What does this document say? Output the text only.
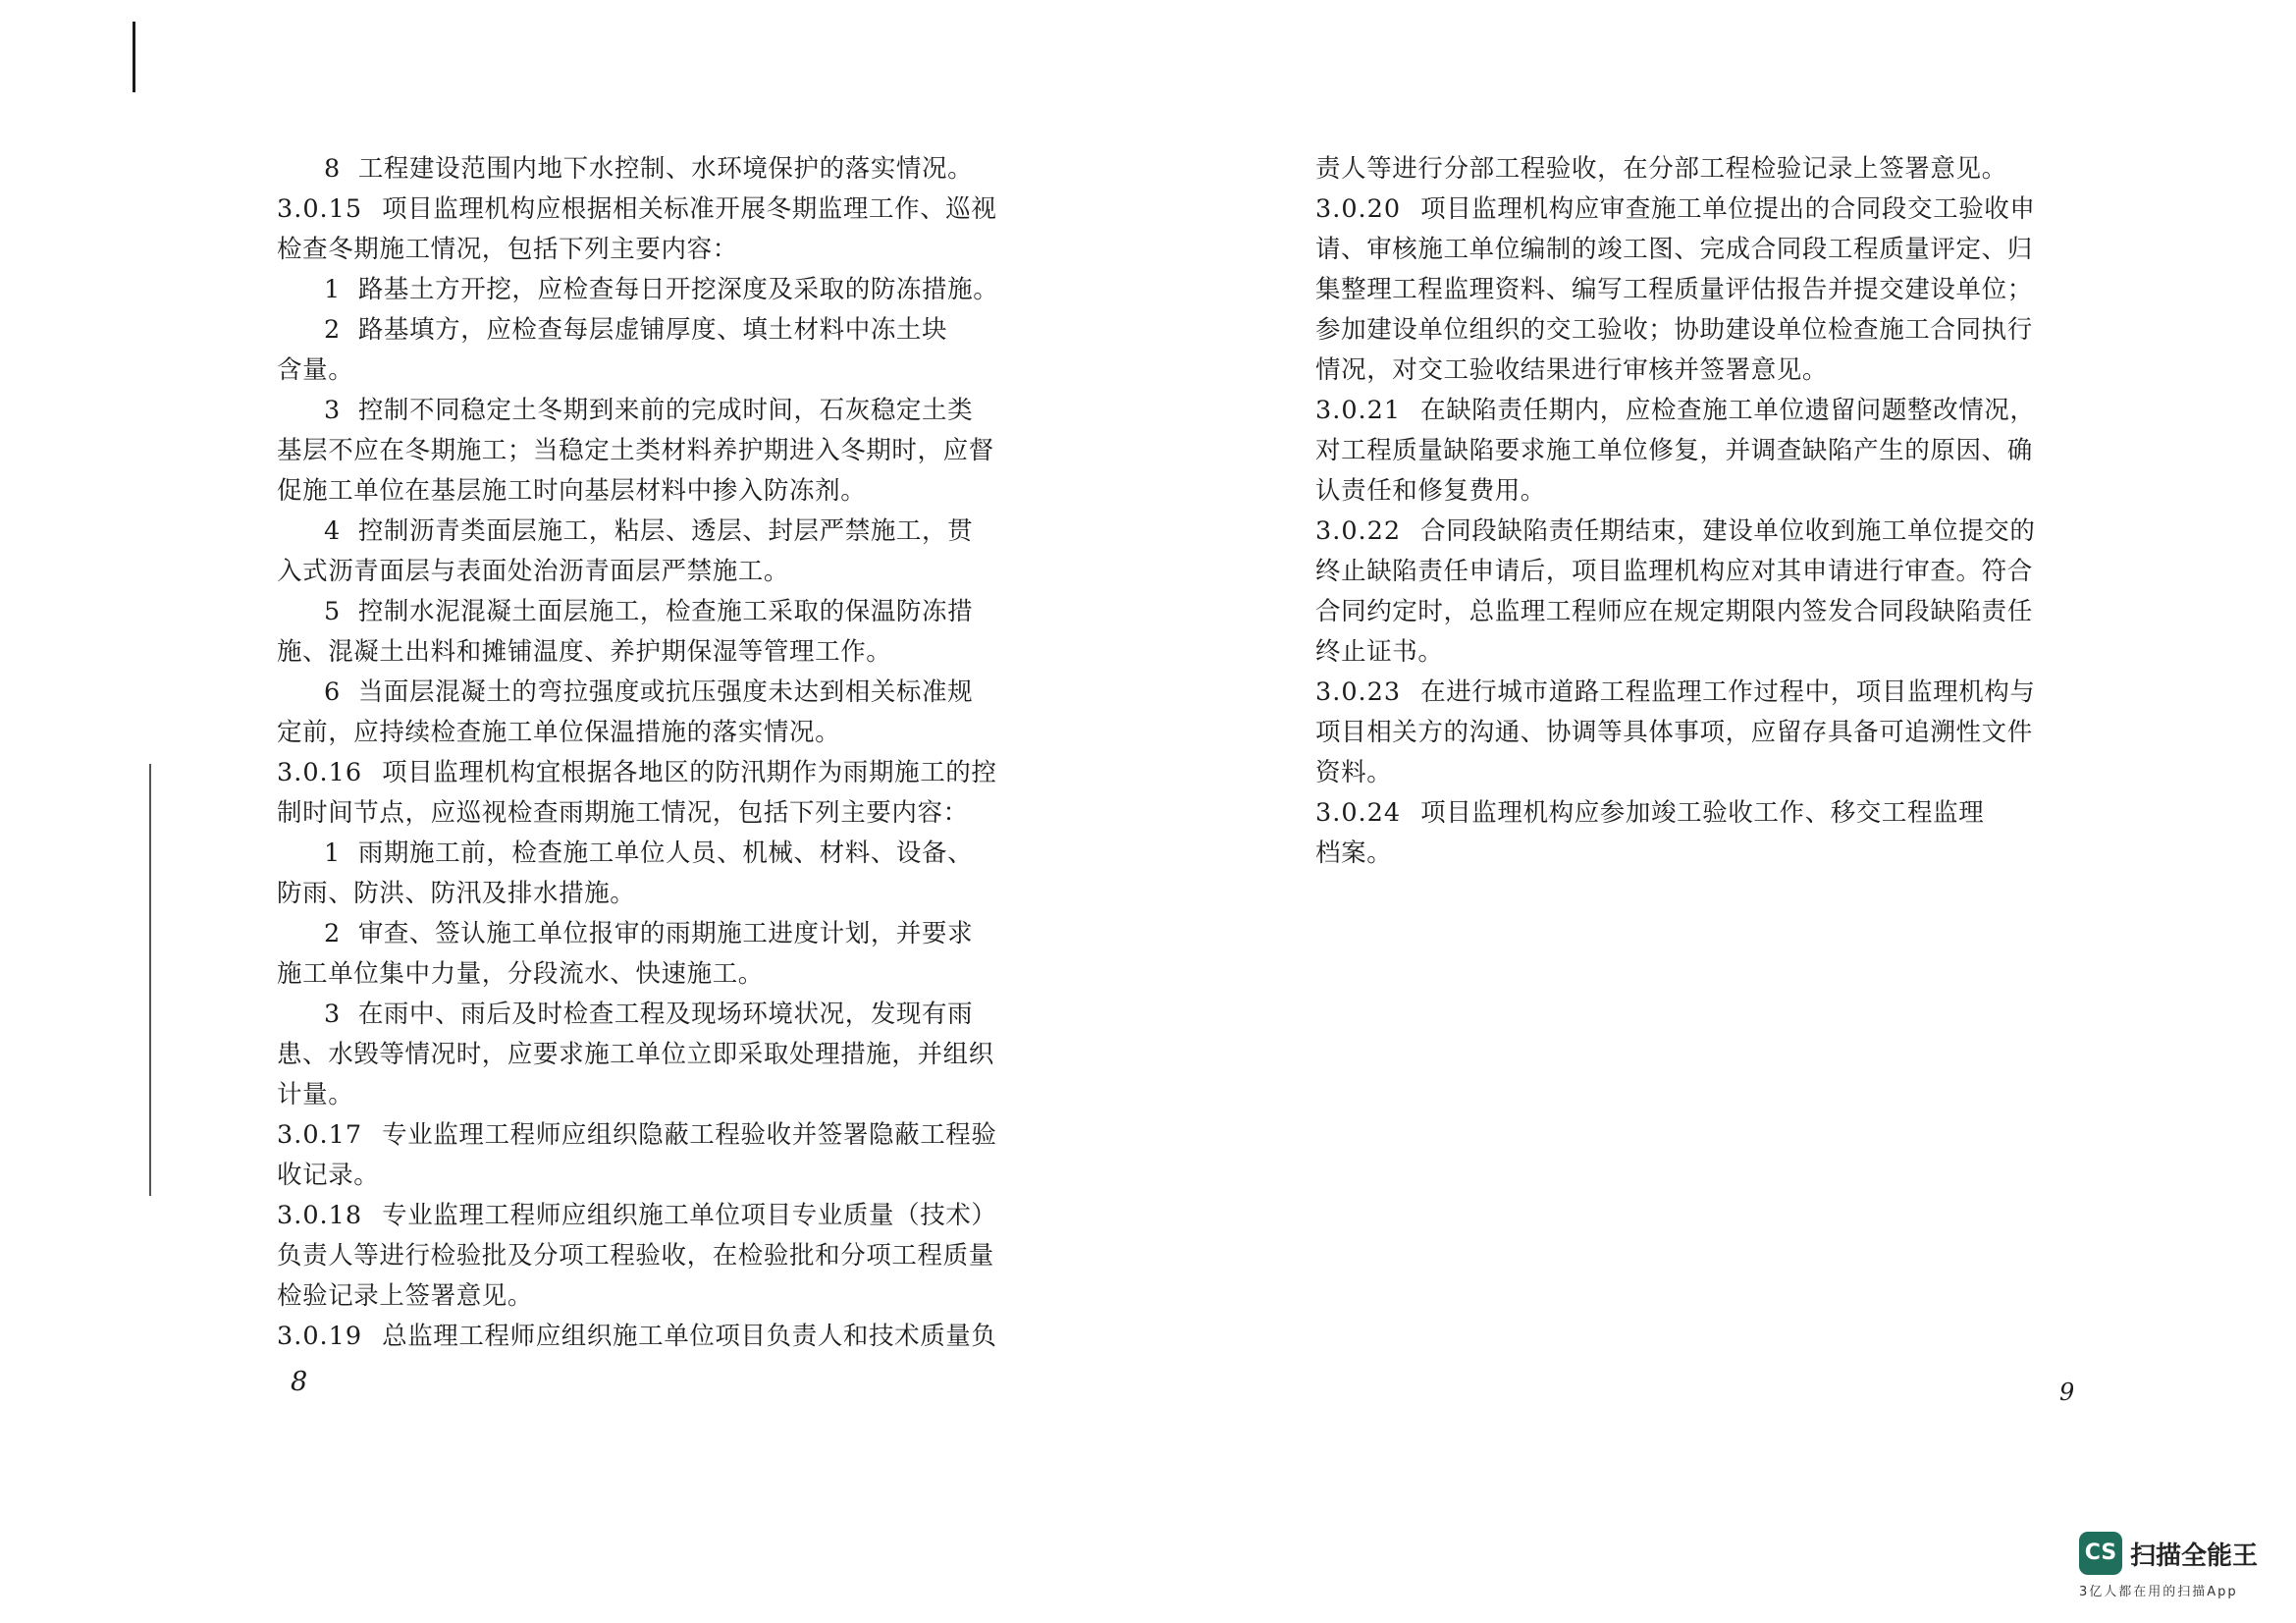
8 工程建设范围内地下水控制、水环境保护的落实情况。
3.0.15 项目监理机构应根据相关标准开展冬期监理工作、巡视
检查冬期施工情况，包括下列主要内容：
1 路基土方开挖，应检查每日开挖深度及采取的防冻措施。
2 路基填方，应检查每层虚铺厚度、填土材料中冻土块
含量。
3 控制不同稳定土冬期到来前的完成时间，石灰稳定土类
基层不应在冬期施工；当稳定土类材料养护期进入冬期时，应督
促施工单位在基层施工时向基层材料中掺入防冻剂。
4 控制沥青类面层施工，粘层、透层、封层严禁施工，贯
入式沥青面层与表面处治沥青面层严禁施工。
5 控制水泥混凝土面层施工，检查施工采取的保温防冻措
施、混凝土出料和摊铺温度、养护期保湿等管理工作。
6 当面层混凝土的弯拉强度或抗压强度未达到相关标准规
定前，应持续检查施工单位保温措施的落实情况。
3.0.16 项目监理机构宜根据各地区的防汛期作为雨期施工的控
制时间节点，应巡视检查雨期施工情况，包括下列主要内容：
1 雨期施工前，检查施工单位人员、机械、材料、设备、
防雨、防洪、防汛及排水措施。
2 审查、签认施工单位报审的雨期施工进度计划，并要求
施工单位集中力量，分段流水、快速施工。
3 在雨中、雨后及时检查工程及现场环境状况，发现有雨
患、水毁等情况时，应要求施工单位立即采取处理措施，并组织
计量。
3.0.17 专业监理工程师应组织隐蔽工程验收并签署隐蔽工程验
收记录。
3.0.18 专业监理工程师应组织施工单位项目专业质量（技术）
负责人等进行检验批及分项工程验收，在检验批和分项工程质量
检验记录上签署意见。
3.0.19 总监理工程师应组织施工单位项目负责人和技术质量负
责人等进行分部工程验收，在分部工程检验记录上签署意见。
3.0.20 项目监理机构应审查施工单位提出的合同段交工验收申
请、审核施工单位编制的竣工图、完成合同段工程质量评定、归
集整理工程监理资料、编写工程质量评估报告并提交建设单位；
参加建设单位组织的交工验收；协助建设单位检查施工合同执行
情况，对交工验收结果进行审核并签署意见。
3.0.21 在缺陷责任期内，应检查施工单位遗留问题整改情况，
对工程质量缺陷要求施工单位修复，并调查缺陷产生的原因、确
认责任和修复费用。
3.0.22 合同段缺陷责任期结束，建设单位收到施工单位提交的
终止缺陷责任申请后，项目监理机构应对其申请进行审查。符合
合同约定时，总监理工程师应在规定期限内签发合同段缺陷责任
终止证书。
3.0.23 在进行城市道路工程监理工作过程中，项目监理机构与
项目相关方的沟通、协调等具体事项，应留存具备可追溯性文件
资料。
3.0.24 项目监理机构应参加竣工验收工作、移交工程监理
档案。
8	9
CS 扫描全能王
3亿人都在用的扫描App
